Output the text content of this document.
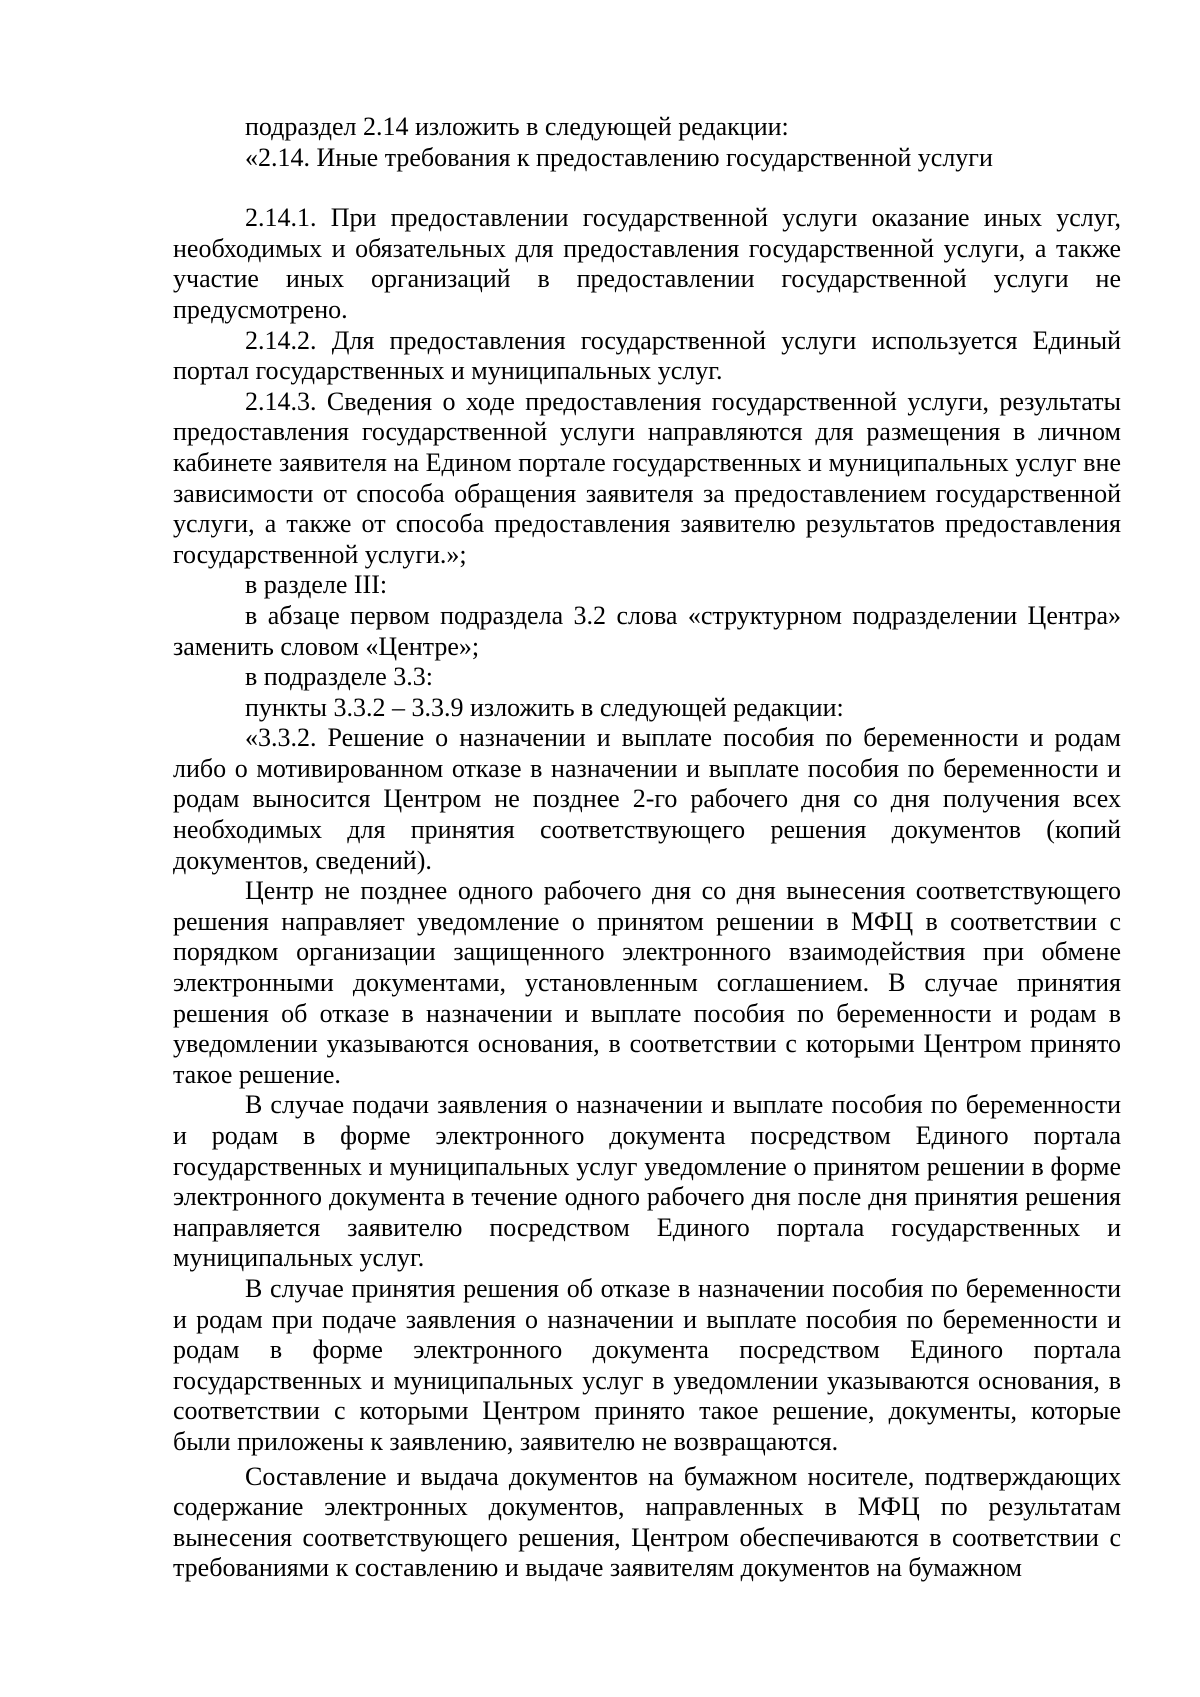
подраздел 2.14 изложить в следующей редакции:

«2.14. Иные требования к предоставлению государственной услуги

2.14.1. При предоставлении государственной услуги оказание иных услуг, необходимых и обязательных для предоставления государственной услуги, а также участие иных организаций в предоставлении государственной услуги не предусмотрено.

2.14.2. Для предоставления государственной услуги используется Единый портал государственных и муниципальных услуг.

2.14.3. Сведения о ходе предоставления государственной услуги, результаты предоставления государственной услуги направляются для размещения в личном кабинете заявителя на Едином портале государственных и муниципальных услуг вне зависимости от способа обращения заявителя за предоставлением государственной услуги, а также от способа предоставления заявителю результатов предоставления государственной услуги.»;

в разделе III:

в абзаце первом подраздела 3.2 слова «структурном подразделении Центра» заменить словом «Центре»;

в подразделе 3.3:

пункты 3.3.2 – 3.3.9 изложить в следующей редакции:

«3.3.2. Решение о назначении и выплате пособия по беременности и родам либо о мотивированном отказе в назначении и выплате пособия по беременности и родам выносится Центром не позднее 2-го рабочего дня со дня получения всех необходимых для принятия соответствующего решения документов (копий документов, сведений).

Центр не позднее одного рабочего дня со дня вынесения соответствующего решения направляет уведомление о принятом решении в МФЦ в соответствии с порядком организации защищенного электронного взаимодействия при обмене электронными документами, установленным соглашением. В случае принятия решения об отказе в назначении и выплате пособия по беременности и родам в уведомлении указываются основания, в соответствии с которыми Центром принято такое решение.

В случае подачи заявления о назначении и выплате пособия по беременности и родам в форме электронного документа посредством Единого портала государственных и муниципальных услуг уведомление о принятом решении в форме электронного документа в течение одного рабочего дня после дня принятия решения направляется заявителю посредством Единого портала государственных и муниципальных услуг.

В случае принятия решения об отказе в назначении пособия по беременности и родам при подаче заявления о назначении и выплате пособия по беременности и родам в форме электронного документа посредством Единого портала государственных и муниципальных услуг в уведомлении указываются основания, в соответствии с которыми Центром принято такое решение, документы, которые были приложены к заявлению, заявителю не возвращаются.

Составление и выдача документов на бумажном носителе, подтверждающих содержание электронных документов, направленных в МФЦ по результатам вынесения соответствующего решения, Центром обеспечиваются в соответствии с требованиями к составлению и выдаче заявителям документов на бумажном
